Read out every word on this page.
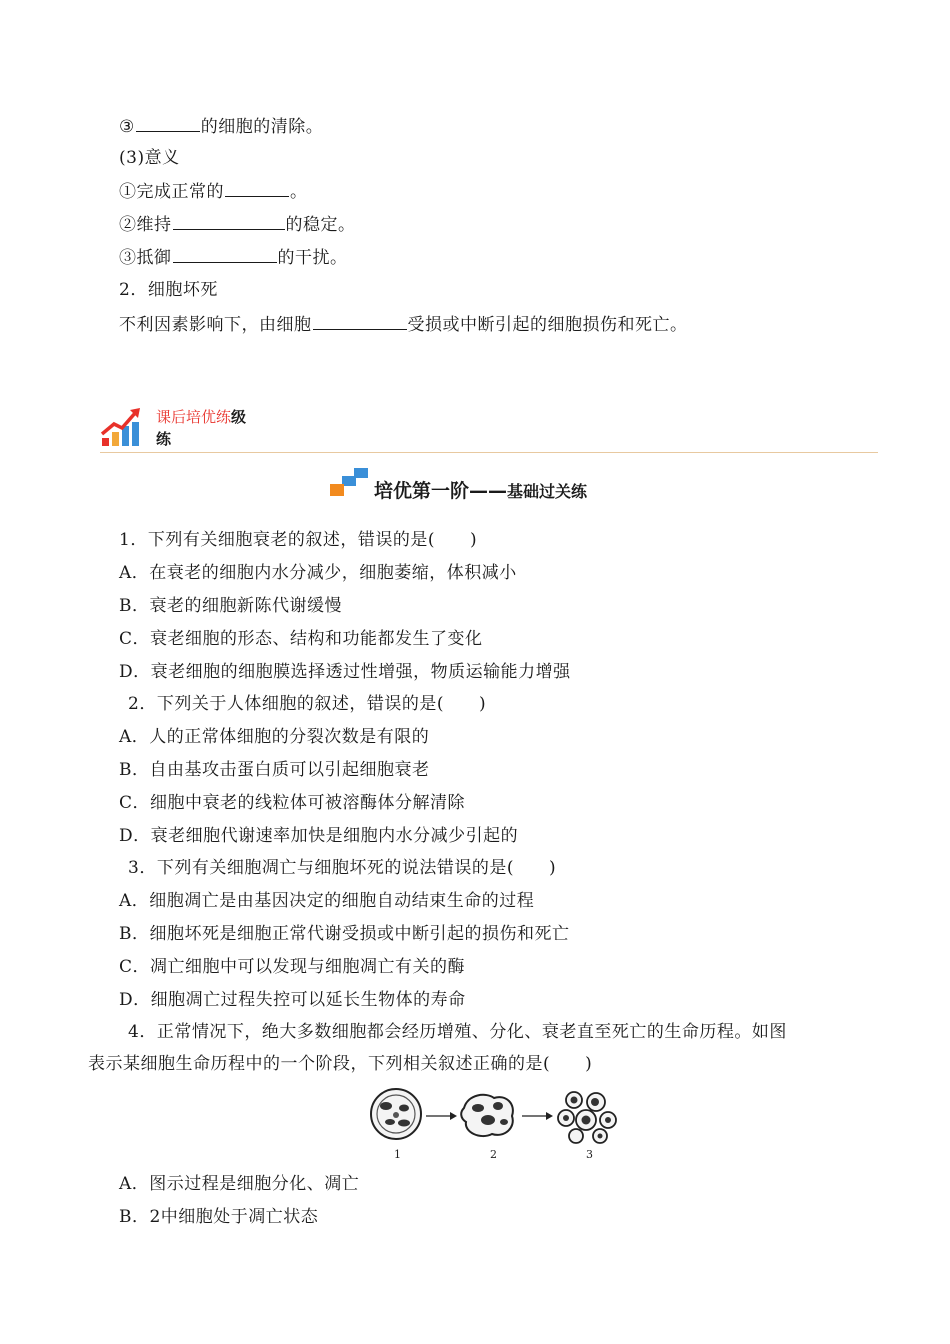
③	的细胞的清除。
(3)意义
①完成正常的	。
②维持	的稳定。
③抵御	的干扰。
2．细胞坏死
不利因素影响下，由细胞	受损或中断引起的细胞损伤和死亡。
课后培优练级
练
培优第一阶——基础过关练
1．下列有关细胞衰老的叙述，错误的是(　　)
A．在衰老的细胞内水分减少，细胞萎缩，体积减小
B．衰老的细胞新陈代谢缓慢
C．衰老细胞的形态、结构和功能都发生了变化
D．衰老细胞的细胞膜选择透过性增强，物质运输能力增强
2．下列关于人体细胞的叙述，错误的是(　　)
A．人的正常体细胞的分裂次数是有限的
B．自由基攻击蛋白质可以引起细胞衰老
C．细胞中衰老的线粒体可被溶酶体分解清除
D．衰老细胞代谢速率加快是细胞内水分减少引起的
3．下列有关细胞凋亡与细胞坏死的说法错误的是(　　)
A．细胞凋亡是由基因决定的细胞自动结束生命的过程
B．细胞坏死是细胞正常代谢受损或中断引起的损伤和死亡
C．凋亡细胞中可以发现与细胞凋亡有关的酶
D．细胞凋亡过程失控可以延长生物体的寿命
4．正常情况下，绝大多数细胞都会经历增殖、分化、衰老直至死亡的生命历程。如图
表示某细胞生命历程中的一个阶段，下列相关叙述正确的是(　　)
1	2	3
A．图示过程是细胞分化、凋亡
B．2中细胞处于凋亡状态
